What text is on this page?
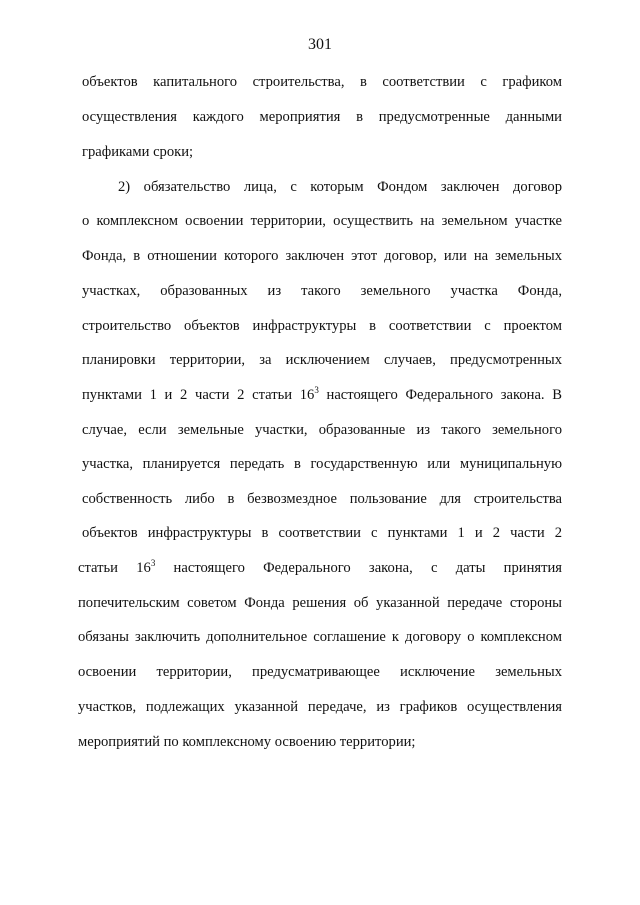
301
объектов капитального строительства, в соответствии с графиком
осуществления каждого мероприятия в предусмотренные данными
графиками сроки;
2) обязательство лица, с которым Фондом заключен договор
о комплексном освоении территории, осуществить на земельном участке
Фонда, в отношении которого заключен этот договор, или на земельных
участках, образованных из такого земельного участка Фонда,
строительство объектов инфраструктуры в соответствии с проектом
планировки территории, за исключением случаев, предусмотренных
пунктами 1 и 2 части 2 статьи $16^3$ настоящего Федерального закона. В
случае, если земельные участки, образованные из такого земельного
участка, планируется передать в государственную или муниципальную
собственность либо в безвозмездное пользование для строительства
объектов инфраструктуры в соответствии с пунктами 1 и 2 части 2
статьи $16^3$ настоящего Федерального закона, с даты принятия
попечительским советом Фонда решения об указанной передаче стороны
обязаны заключить дополнительное соглашение к договору о комплексном
освоении территории, предусматривающее исключение земельных
участков, подлежащих указанной передаче, из графиков осуществления
мероприятий по комплексному освоению территории;
